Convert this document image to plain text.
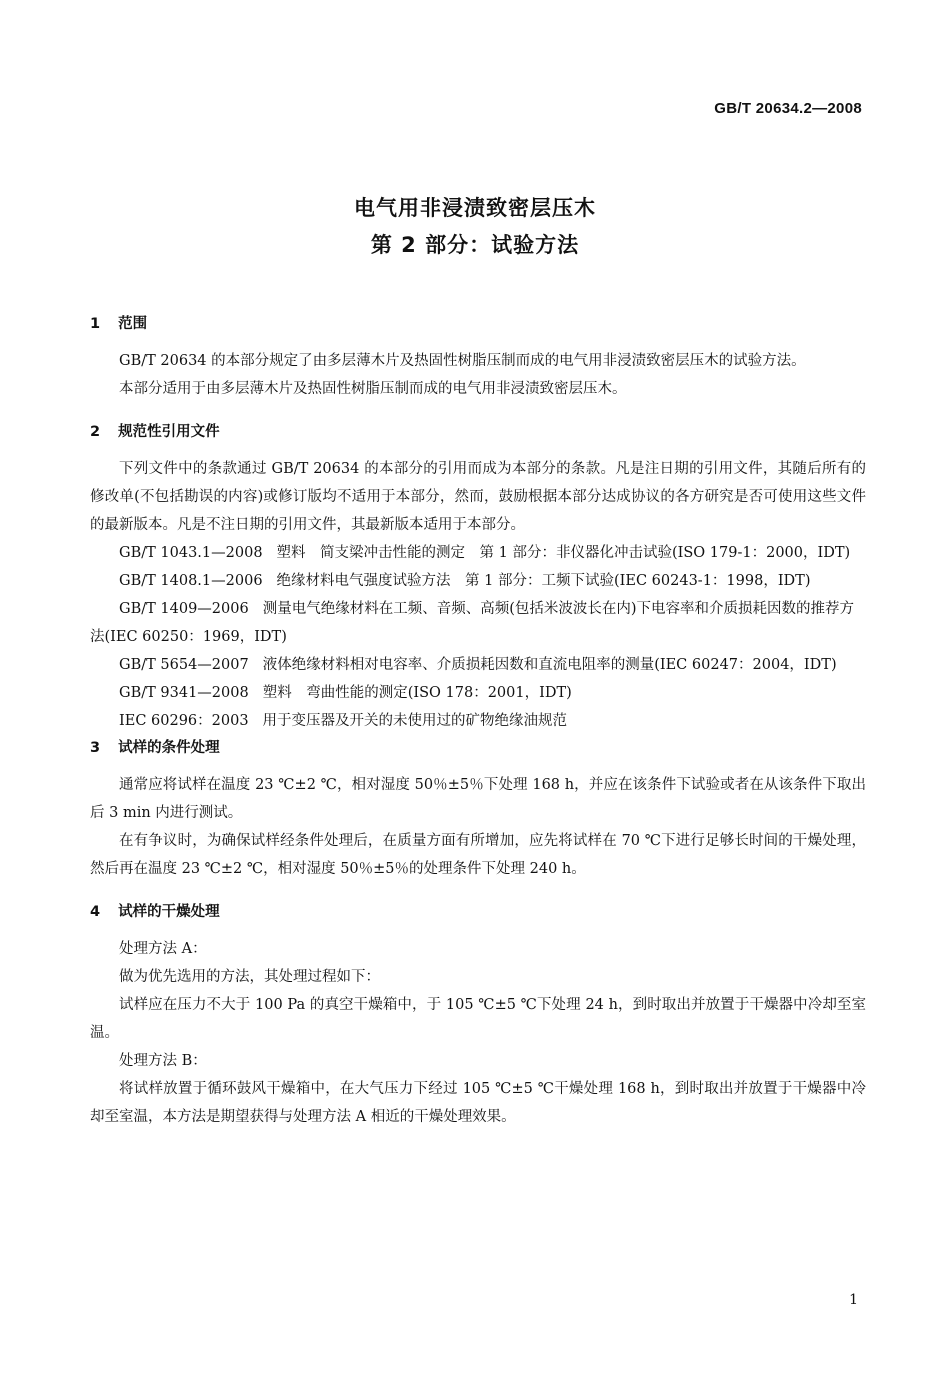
GB/T 20634.2—2008
电气用非浸渍致密层压木
第 2 部分：试验方法
1 范围

GB/T 20634 的本部分规定了由多层薄木片及热固性树脂压制而成的电气用非浸渍致密层压木的试验方法。

本部分适用于由多层薄木片及热固性树脂压制而成的电气用非浸渍致密层压木。

2 规范性引用文件

下列文件中的条款通过 GB/T 20634 的本部分的引用而成为本部分的条款。凡是注日期的引用文件，其随后所有的修改单(不包括勘误的内容)或修订版均不适用于本部分，然而，鼓励根据本部分达成协议的各方研究是否可使用这些文件的最新版本。凡是不注日期的引用文件，其最新版本适用于本部分。

GB/T 1043.1—2008 塑料　简支梁冲击性能的测定　第 1 部分：非仪器化冲击试验(ISO 179-1：2000，IDT)

GB/T 1408.1—2006 绝缘材料电气强度试验方法　第 1 部分：工频下试验(IEC 60243-1：1998，IDT)

GB/T 1409—2006 测量电气绝缘材料在工频、音频、高频(包括米波波长在内)下电容率和介质损耗因数的推荐方法(IEC 60250：1969，IDT)

GB/T 5654—2007 液体绝缘材料相对电容率、介质损耗因数和直流电阻率的测量(IEC 60247：2004，IDT)

GB/T 9341—2008 塑料　弯曲性能的测定(ISO 178：2001，IDT)

IEC 60296：2003 用于变压器及开关的未使用过的矿物绝缘油规范

3 试样的条件处理

通常应将试样在温度 23 ℃±2 ℃，相对湿度 50％±5％下处理 168 h，并应在该条件下试验或者在从该条件下取出后 3 min 内进行测试。

在有争议时，为确保试样经条件处理后，在质量方面有所增加，应先将试样在 70 ℃下进行足够长时间的干燥处理，然后再在温度 23 ℃±2 ℃，相对湿度 50％±5％的处理条件下处理 240 h。

4 试样的干燥处理

处理方法 A：

做为优先选用的方法，其处理过程如下：

试样应在压力不大于 100 Pa 的真空干燥箱中，于 105 ℃±5 ℃下处理 24 h，到时取出并放置于干燥器中冷却至室温。

处理方法 B：

将试样放置于循环鼓风干燥箱中，在大气压力下经过 105 ℃±5 ℃干燥处理 168 h，到时取出并放置于干燥器中冷却至室温，本方法是期望获得与处理方法 A 相近的干燥处理效果。

1
